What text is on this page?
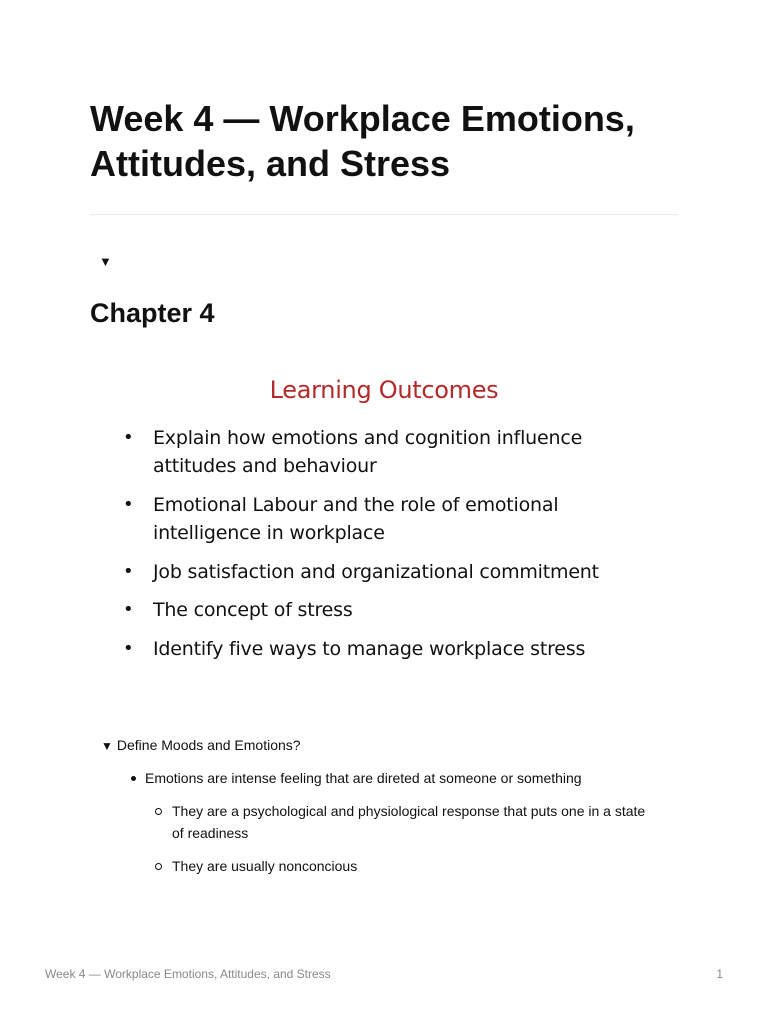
Week 4 — Workplace Emotions, Attitudes, and Stress
▼
Chapter 4
Learning Outcomes
•	Explain how emotions and cognition influence attitudes and behaviour
•	Emotional Labour and the role of emotional intelligence in workplace
•	Job satisfaction and organizational commitment
•	The concept of stress
•	Identify five ways to manage workplace stress
▼ Define Moods and Emotions?
Emotions are intense feeling that are direted at someone or something
They are a psychological and physiological response that puts one in a state of readiness
They are usually nonconcious
Week 4 — Workplace Emotions, Attitudes, and Stress	1
